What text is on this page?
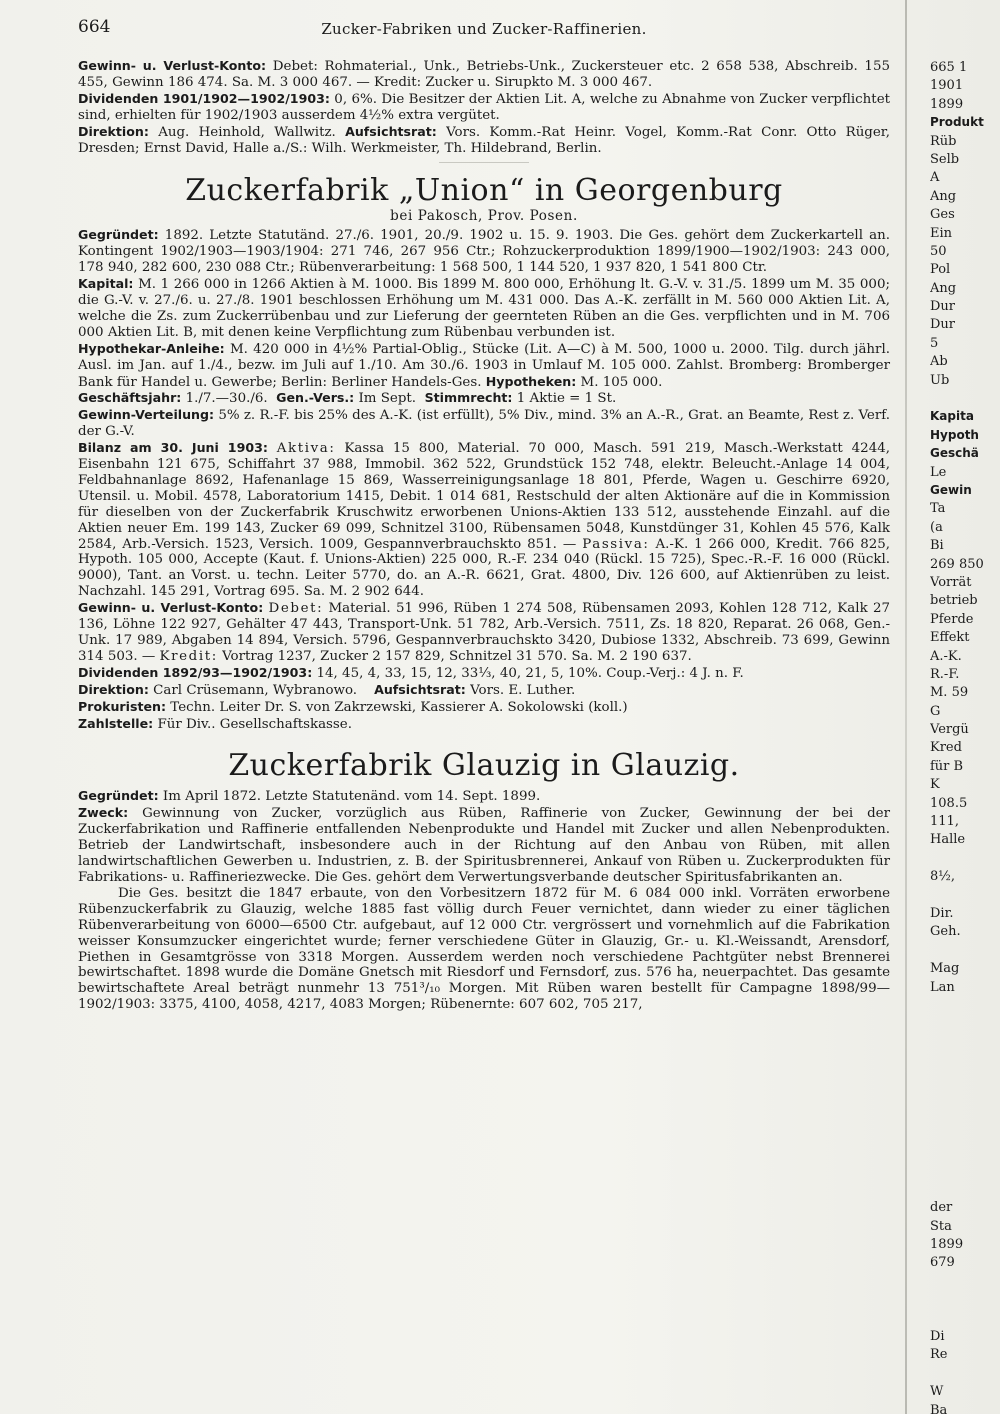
664	Zucker-Fabriken und Zucker-Raffinerien.

Gewinn- u. Verlust-Konto: Debet: Rohmaterial., Unk., Betriebs-Unk., Zuckersteuer etc. 2 658 538, Abschreib. 155 455, Gewinn 186 474. Sa. M. 3 000 467. — Kredit: Zucker u. Sirupkto M. 3 000 467.

Dividenden 1901/1902—1902/1903: 0, 6%. Die Besitzer der Aktien Lit. A, welche zu Abnahme von Zucker verpflichtet sind, erhielten für 1902/1903 ausserdem 4½% extra vergütet.

Direktion: Aug. Heinhold, Wallwitz. Aufsichtsrat: Vors. Komm.-Rat Heinr. Vogel, Komm.-Rat Conr. Otto Rüger, Dresden; Ernst David, Halle a./S.: Wilh. Werkmeister, Th. Hildebrand, Berlin.

Zuckerfabrik „Union“ in Georgenburg
bei Pakosch, Prov. Posen.

Gegründet: 1892. Letzte Statutänd. 27./6. 1901, 20./9. 1902 u. 15. 9. 1903. Die Ges. gehört dem Zuckerkartell an. Kontingent 1902/1903—1903/1904: 271 746, 267 956 Ctr.; Rohzuckerproduktion 1899/1900—1902/1903: 243 000, 178 940, 282 600, 230 088 Ctr.; Rübenverarbeitung: 1 568 500, 1 144 520, 1 937 820, 1 541 800 Ctr.

Kapital: M. 1 266 000 in 1266 Aktien à M. 1000. Bis 1899 M. 800 000, Erhöhung lt. G.-V. v. 31./5. 1899 um M. 35 000; die G.-V. v. 27./6. u. 27./8. 1901 beschlossen Erhöhung um M. 431 000. Das A.-K. zerfällt in M. 560 000 Aktien Lit. A, welche die Zs. zum Zuckerrübenbau und zur Lieferung der geernteten Rüben an die Ges. verpflichten und in M. 706 000 Aktien Lit. B, mit denen keine Verpflichtung zum Rübenbau verbunden ist.

Hypothekar-Anleihe: M. 420 000 in 4½% Partial-Oblig., Stücke (Lit. A—C) à M. 500, 1000 u. 2000. Tilg. durch jährl. Ausl. im Jan. auf 1./4., bezw. im Juli auf 1./10. Am 30./6. 1903 in Umlauf M. 105 000. Zahlst. Bromberg: Bromberger Bank für Handel u. Gewerbe; Berlin: Berliner Handels-Ges. Hypotheken: M. 105 000.

Geschäftsjahr: 1./7.—30./6. Gen.-Vers.: Im Sept. Stimmrecht: 1 Aktie = 1 St.

Gewinn-Verteilung: 5% z. R.-F. bis 25% des A.-K. (ist erfüllt), 5% Div., mind. 3% an A.-R., Grat. an Beamte, Rest z. Verf. der G.-V.

Bilanz am 30. Juni 1903: Aktiva: Kassa 15 800, Material. 70 000, Masch. 591 219, Masch.-Werkstatt 4244, Eisenbahn 121 675, Schiffahrt 37 988, Immobil. 362 522, Grundstück 152 748, elektr. Beleucht.-Anlage 14 004, Feldbahnanlage 8692, Hafenanlage 15 869, Wasserreinigungsanlage 18 801, Pferde, Wagen u. Geschirre 6920, Utensil. u. Mobil. 4578, Laboratorium 1415, Debit. 1 014 681, Restschuld der alten Aktionäre auf die in Kommission für dieselben von der Zuckerfabrik Kruschwitz erworbenen Unions-Aktien 133 512, ausstehende Einzahl. auf die Aktien neuer Em. 199 143, Zucker 69 099, Schnitzel 3100, Rübensamen 5048, Kunstdünger 31, Kohlen 45 576, Kalk 2584, Arb.-Versich. 1523, Versich. 1009, Gespannverbrauchskto 851. — Passiva: A.-K. 1 266 000, Kredit. 766 825, Hypoth. 105 000, Accepte (Kaut. f. Unions-Aktien) 225 000, R.-F. 234 040 (Rückl. 15 725), Spec.-R.-F. 16 000 (Rückl. 9000), Tant. an Vorst. u. techn. Leiter 5770, do. an A.-R. 6621, Grat. 4800, Div. 126 600, auf Aktienrüben zu leist. Nachzahl. 145 291, Vortrag 695. Sa. M. 2 902 644.

Gewinn- u. Verlust-Konto: Debet: Material. 51 996, Rüben 1 274 508, Rübensamen 2093, Kohlen 128 712, Kalk 27 136, Löhne 122 927, Gehälter 47 443, Transport-Unk. 51 782, Arb.-Versich. 7511, Zs. 18 820, Reparat. 26 068, Gen.-Unk. 17 989, Abgaben 14 894, Versich. 5796, Gespannverbrauchskto 3420, Dubiose 1332, Abschreib. 73 699, Gewinn 314 503. — Kredit: Vortrag 1237, Zucker 2 157 829, Schnitzel 31 570. Sa. M. 2 190 637.

Dividenden 1892/93—1902/1903: 14, 45, 4, 33, 15, 12, 33⅓, 40, 21, 5, 10%. Coup.-Verj.: 4 J. n. F.

Direktion: Carl Crüsemann, Wybranowo. Aufsichtsrat: Vors. E. Luther.

Prokuristen: Techn. Leiter Dr. S. von Zakrzewski, Kassierer A. Sokolowski (koll.)

Zahlstelle: Für Div.. Gesellschaftskasse.

Zuckerfabrik Glauzig in Glauzig.

Gegründet: Im April 1872. Letzte Statutenänd. vom 14. Sept. 1899.

Zweck: Gewinnung von Zucker, vorzüglich aus Rüben, Raffinerie von Zucker, Gewinnung der bei der Zuckerfabrikation und Raffinerie entfallenden Nebenprodukte und Handel mit Zucker und allen Nebenprodukten. Betrieb der Landwirtschaft, insbesondere auch in der Richtung auf den Anbau von Rüben, mit allen landwirtschaftlichen Gewerben u. Industrien, z. B. der Spiritusbrennerei, Ankauf von Rüben u. Zuckerprodukten für Fabrikations- u. Raffineriezwecke. Die Ges. gehört dem Verwertungsverbande deutscher Spiritusfabrikanten an.

Die Ges. besitzt die 1847 erbaute, von den Vorbesitzern 1872 für M. 6 084 000 inkl. Vorräten erworbene Rübenzuckerfabrik zu Glauzig, welche 1885 fast völlig durch Feuer vernichtet, dann wieder zu einer täglichen Rübenverarbeitung von 6000—6500 Ctr. aufgebaut, auf 12 000 Ctr. vergrössert und vornehmlich auf die Fabrikation weisser Konsumzucker eingerichtet wurde; ferner verschiedene Güter in Glauzig, Gr.- u. Kl.-Weissandt, Arensdorf, Piethen in Gesamtgrösse von 3318 Morgen. Ausserdem werden noch verschiedene Pachtgüter nebst Brennerei bewirtschaftet. 1898 wurde die Domäne Gnetsch mit Riesdorf und Fernsdorf, zus. 576 ha, neuerpachtet. Das gesamte bewirtschaftete Areal beträgt nunmehr 13 751³/₁₀ Morgen. Mit Rüben waren bestellt für Campagne 1898/99—1902/1903: 3375, 4100, 4058, 4217, 4083 Morgen; Rübenernte: 607 602, 705 217,

665 1
1901
1899
Produkt
Rüb
Selb
A
Ang
Ges
Ein
50
Pol
Ang
Dur
Dur
5
Ab
Üb
Kapita
Hypoth
Geschä
Le
Gewin
Ta
(a
Bi
269 850
Vorrät
betrieb
Pferde
Effekt
A.-K.
R.-F.
M. 59
G
Vergü
Kred
für B
K
108.5
111,
Halle
8½,
Dir.
Geh.
Mag
Lan
der
Sta
1899
679
Di
Re
W
Ba
